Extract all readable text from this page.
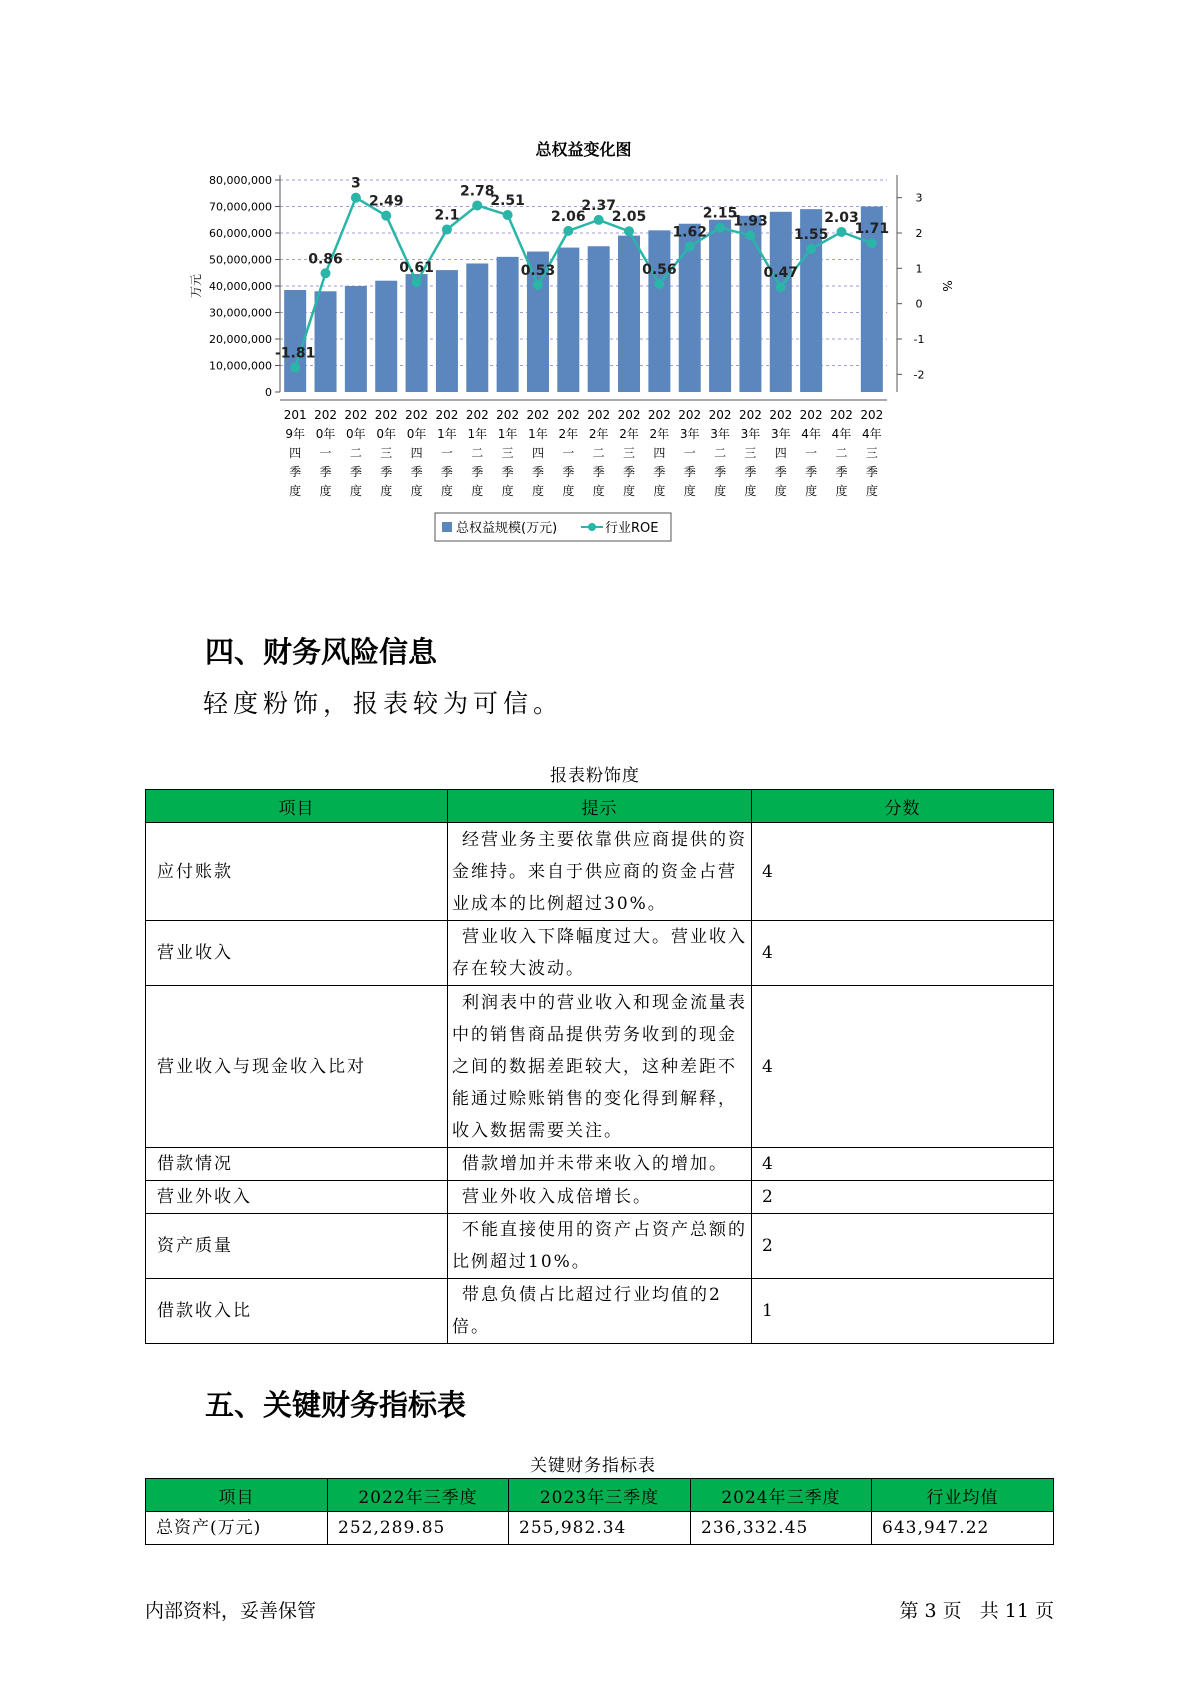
总权益变化图
0
10,000,000
20,000,000
30,000,000
40,000,000
50,000,000
60,000,000
70,000,000
80,000,000
-2
-1
0
1
2
3
万元	%
-1.81
0.86
3
2.49
0.61
2.1
2.78
2.51
0.53
2.06
2.37
2.05
0.56
1.62
2.15
1.93
0.47
1.55
2.03
1.71
201
9年
四
季
度
202
0年
一
季
度
202
0年
二
季
度
202
0年
三
季
度
202
0年
四
季
度
202
1年
一
季
度
202
1年
二
季
度
202
1年
三
季
度
202
1年
四
季
度
202
2年
一
季
度
202
2年
二
季
度
202
2年
三
季
度
202
2年
四
季
度
202
3年
一
季
度
202
3年
二
季
度
202
3年
三
季
度
202
3年
四
季
度
202
4年
一
季
度
202
4年
二
季
度
202
4年
三
季
度
总权益规模(万元)	行业ROE
四、财务风险信息

轻度粉饰，报表较为可信。

报表粉饰度
项目	提示	分数
应付账款	经营业务主要依靠供应商提供的资金维持。来自于供应商的资金占营业成本的比例超过30%。	4
营业收入	营业收入下降幅度过大。营业收入存在较大波动。	4
营业收入与现金收入比对	利润表中的营业收入和现金流量表中的销售商品提供劳务收到的现金之间的数据差距较大，这种差距不能通过赊账销售的变化得到解释，收入数据需要关注。	4
借款情况	借款增加并未带来收入的增加。	4
营业外收入	营业外收入成倍增长。	2
资产质量	不能直接使用的资产占资产总额的比例超过10%。	2
借款收入比	带息负债占比超过行业均值的2倍。	1
五、关键财务指标表
关键财务指标表
项目	2022年三季度	2023年三季度	2024年三季度	行业均值
总资产(万元)	252,289.85	255,982.34	236,332.45	643,947.22
内部资料，妥善保管	第 3 页   共 11 页
